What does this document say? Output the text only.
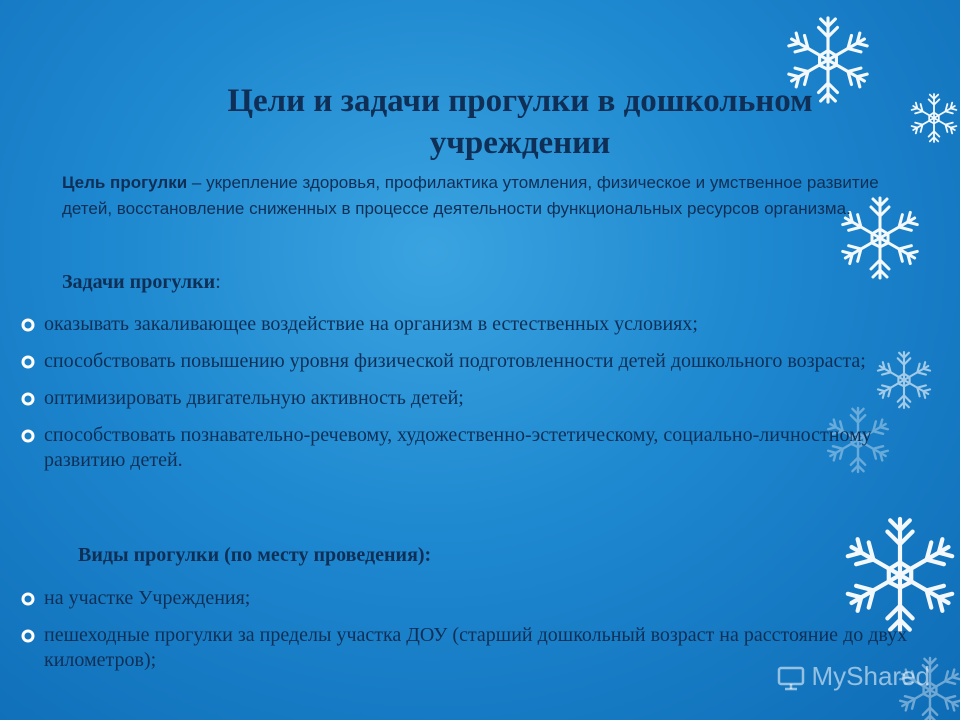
Цели и задачи прогулки в дошкольном учреждении

Цель прогулки – укрепление здоровья, профилактика утомления, физическое и умственное развитие детей, восстановление сниженных в процессе деятельности функциональных ресурсов организма.

Задачи прогулки:

оказывать закаливающее воздействие на организм в естественных условиях;
способствовать повышению уровня физической подготовленности детей дошкольного возраста;
оптимизировать двигательную активность детей;
способствовать познавательно-речевому, художественно-эстетическому, социально-личностному развитию детей.

Виды прогулки (по месту проведения):

на участке Учреждения;
пешеходные прогулки за пределы участка ДОУ (старший дошкольный возраст на расстояние до двух километров);
MyShared
